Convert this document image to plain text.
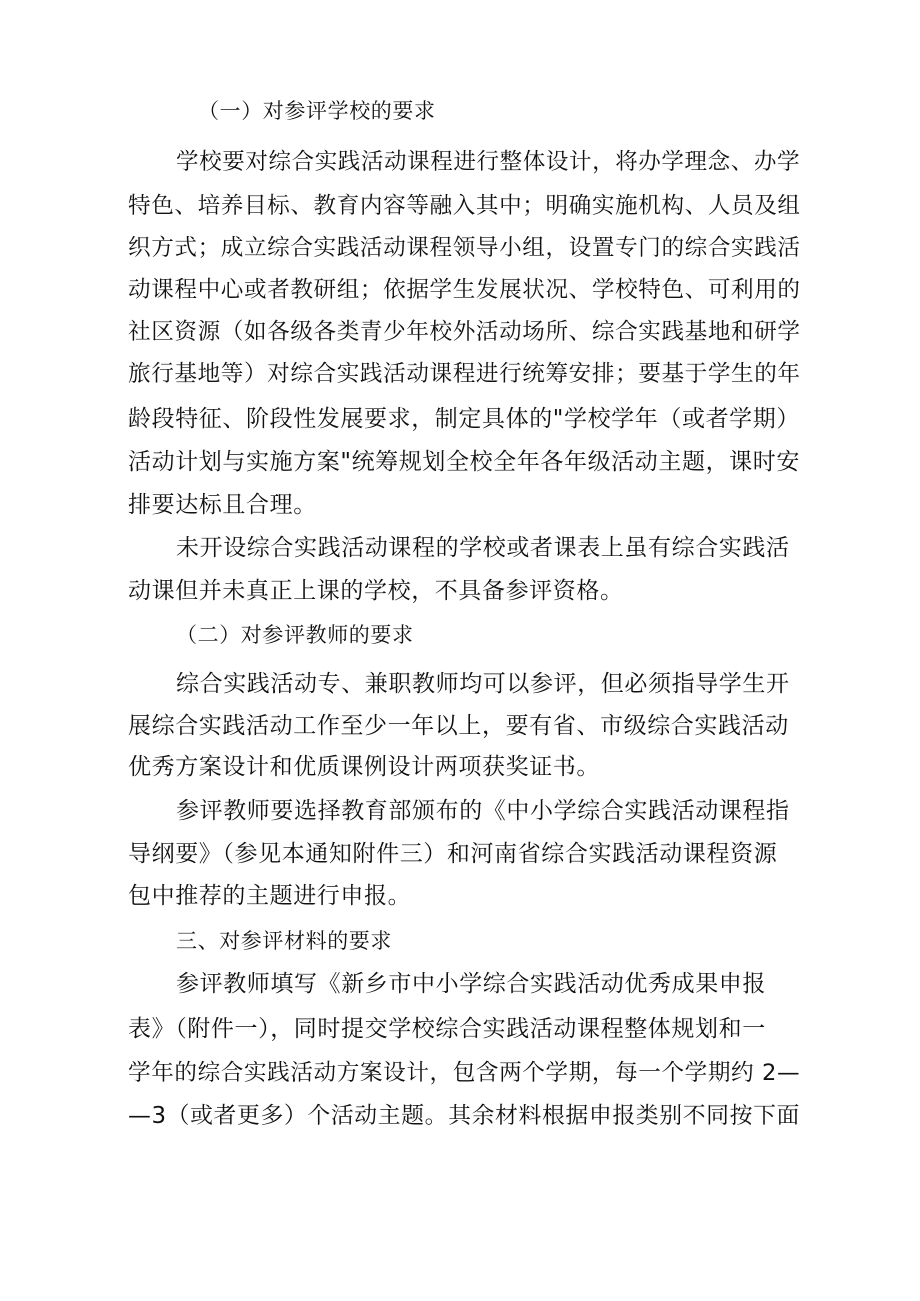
（一）对参评学校的要求
学校要对综合实践活动课程进行整体设计，将办学理念、办学
特色、培养目标、教育内容等融入其中；明确实施机构、人员及组
织方式；成立综合实践活动课程领导小组，设置专门的综合实践活
动课程中心或者教研组；依据学生发展状况、学校特色、可利用的
社区资源（如各级各类青少年校外活动场所、综合实践基地和研学
旅行基地等）对综合实践活动课程进行统筹安排；要基于学生的年
龄段特征、阶段性发展要求，制定具体的"学校学年（或者学期）
活动计划与实施方案"统筹规划全校全年各年级活动主题，课时安
排要达标且合理。
未开设综合实践活动课程的学校或者课表上虽有综合实践活
动课但并未真正上课的学校，不具备参评资格。
（二）对参评教师的要求
综合实践活动专、兼职教师均可以参评，但必须指导学生开
展综合实践活动工作至少一年以上，要有省、市级综合实践活动
优秀方案设计和优质课例设计两项获奖证书。
参评教师要选择教育部颁布的《中小学综合实践活动课程指
导纲要》（参见本通知附件三）和河南省综合实践活动课程资源
包中推荐的主题进行申报。
三、对参评材料的要求
参评教师填写《新乡市中小学综合实践活动优秀成果申报
表》（附件一），同时提交学校综合实践活动课程整体规划和一
学年的综合实践活动方案设计，包含两个学期，每一个学期约 2—
—3（或者更多）个活动主题。其余材料根据申报类别不同按下面
